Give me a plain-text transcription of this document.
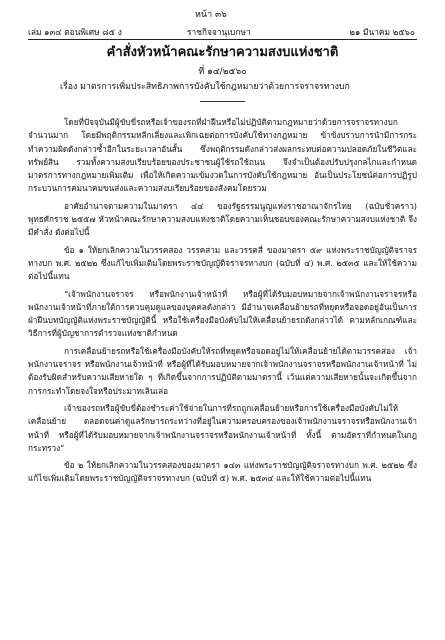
หน้า ๓๖
เล่ม ๑๓๔ ตอนพิเศษ ๘๕ ง	ราชกิจจานุเบกษา	๒๑ มีนาคม ๒๕๖๐
คำสั่งหัวหน้าคณะรักษาความสงบแห่งชาติ
ที่ ๑๔/๒๕๖๐
เรื่อง มาตรการเพิ่มประสิทธิภาพการบังคับใช้กฎหมายว่าด้วยการจราจรทางบก

โดยที่ปัจจุบันมีผู้ขับขี่รถหรือเจ้าของรถที่ฝ่าฝืนหรือไม่ปฏิบัติตามกฎหมายว่าด้วยการจราจรทางบกจำนวนมาก โดยมีพฤติกรรมหลีกเลี่ยงและเพิกเฉยต่อการบังคับใช้ทางกฎหมาย ข้าข้งบราบการนำมีการกระทำความผิดดังกล่าวซ้ำอีกในระยะเวลาอันสั้น ซึ่งพฤติกรรมดังกล่าวส่งผลกระทบต่อความปลอดภัยในชีวิตและทรัพย์สิน รวมทั้งความสงบเรียบร้อยของประชาชนผู้ใช้รถใช้ถนน จึงจำเป็นต้องปรับปรุงกลไกและกำหนดมาตรการทางกฎหมายเพิ่มเติม เพื่อให้เกิดความเข้มงวดในการบังคับใช้กฎหมาย อันเป็นประโยชน์ต่อการปฏิรูปกระบวนการคมนาคมขนส่งและความสงบเรียบร้อยของสังคมโดยรวม

อาศัยอำนาจตามความในมาตรา ๔๔ ของรัฐธรรมนูญแห่งราชอาณาจักรไทย (ฉบับชั่วคราว) พุทธศักราช ๒๕๕๗ หัวหน้าคณะรักษาความสงบแห่งชาติโดยความเห็นชอบของคณะรักษาความสงบแห่งชาติ จึงมีคำสั่ง ดังต่อไปนี้

ข้อ ๑ ให้ยกเลิกความในวรรคสอง วรรคสาม และวรรคสี่ ของมาตรา ๕๙ แห่งพระราชบัญญัติจราจรทางบก พ.ศ. ๒๕๒๒ ซึ่งแก้ไขเพิ่มเติมโดยพระราชบัญญัติจราจรทางบก (ฉบับที่ ๔) พ.ศ. ๒๕๓๕ และให้ใช้ความต่อไปนี้แทน

“เจ้าพนักงานจราจร หรือพนักงานเจ้าหน้าที่ หรือผู้ที่ได้รับมอบหมายจากเจ้าพนักงานจราจรหรือพนักงานเจ้าหน้าที่ภายใต้การควบคุมดูแลของบุคคลดังกล่าว มีอำนาจเคลื่อนย้ายรถที่หยุดหรือจอดอยู่อันเป็นการฝ่าฝืนบทบัญญัติแห่งพระราชบัญญัตินี้ หรือใช้เครื่องมือบังคับไม่ให้เคลื่อนย้ายรถดังกล่าวได้ ตามหลักเกณฑ์และวิธีการที่ผู้บัญชาการตำรวจแห่งชาติกำหนด

การเคลื่อนย้ายรถหรือใช้เครื่องมือบังคับให้รถที่หยุดหรือจอดอยู่ไม่ให้เคลื่อนย้ายได้ตามวรรคสอง เจ้าพนักงานจราจร หรือพนักงานเจ้าหน้าที่ หรือผู้ที่ได้รับมอบหมายจากเจ้าพนักงานจราจรหรือพนักงานเจ้าหน้าที่ ไม่ต้องรับผิดสำหรับความเสียหายใด ๆ ที่เกิดขึ้นจากการปฏิบัติตามมาตรานี้ เว้นแต่ความเสียหายนั้นจะเกิดขึ้นจากการกระทำโดยจงใจหรือประมาทเลินเล่อ

เจ้าของรถหรือผู้ขับขี่ต้องชำระค่าใช้จ่ายในการที่รถถูกเคลื่อนย้ายหรือการใช้เครื่องมือบังคับไม่ให้เคลื่อนย้าย ตลอดจนค่าดูแลรักษารถระหว่างที่อยู่ในความครอบครองของเจ้าพนักงานจราจรหรือพนักงานเจ้าหน้าที่ หรือผู้ที่ได้รับมอบหมายจากเจ้าพนักงานจราจรหรือพนักงานเจ้าหน้าที่ ทั้งนี้ ตามอัตราที่กำหนดในกฎกระทรวง”

ข้อ ๒ ให้ยกเลิกความในวรรคสองของมาตรา ๑๔๓ แห่งพระราชบัญญัติจราจรทางบก พ.ศ. ๒๕๒๒ ซึ่งแก้ไขเพิ่มเติมโดยพระราชบัญญัติจราจรทางบก (ฉบับที่ ๕) พ.ศ. ๒๕๓๔ และให้ใช้ความต่อไปนี้แทน
